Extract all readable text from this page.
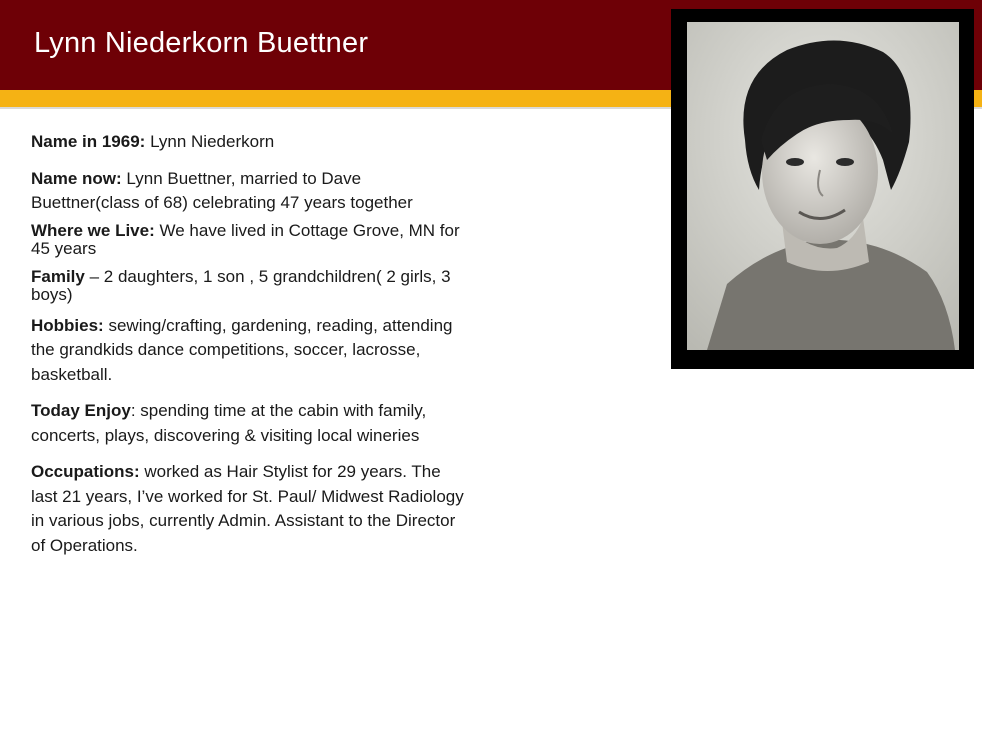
Lynn Niederkorn Buettner

Name in 1969: Lynn Niederkorn

Name now: Lynn Buettner, married to Dave Buettner(class of 68) celebrating 47 years together

Where we Live: We have lived in Cottage Grove, MN for 45 years

Family – 2 daughters, 1 son , 5 grandchildren( 2 girls, 3 boys)

Hobbies: sewing/crafting, gardening, reading, attending the grandkids dance competitions, soccer, lacrosse, basketball.

Today Enjoy: spending time at the cabin with family, concerts, plays, discovering & visiting local wineries

Occupations: worked as Hair Stylist for 29 years. The last 21 years, I’ve worked for St. Paul/ Midwest Radiology in various jobs, currently Admin. Assistant to the Director of Operations.
